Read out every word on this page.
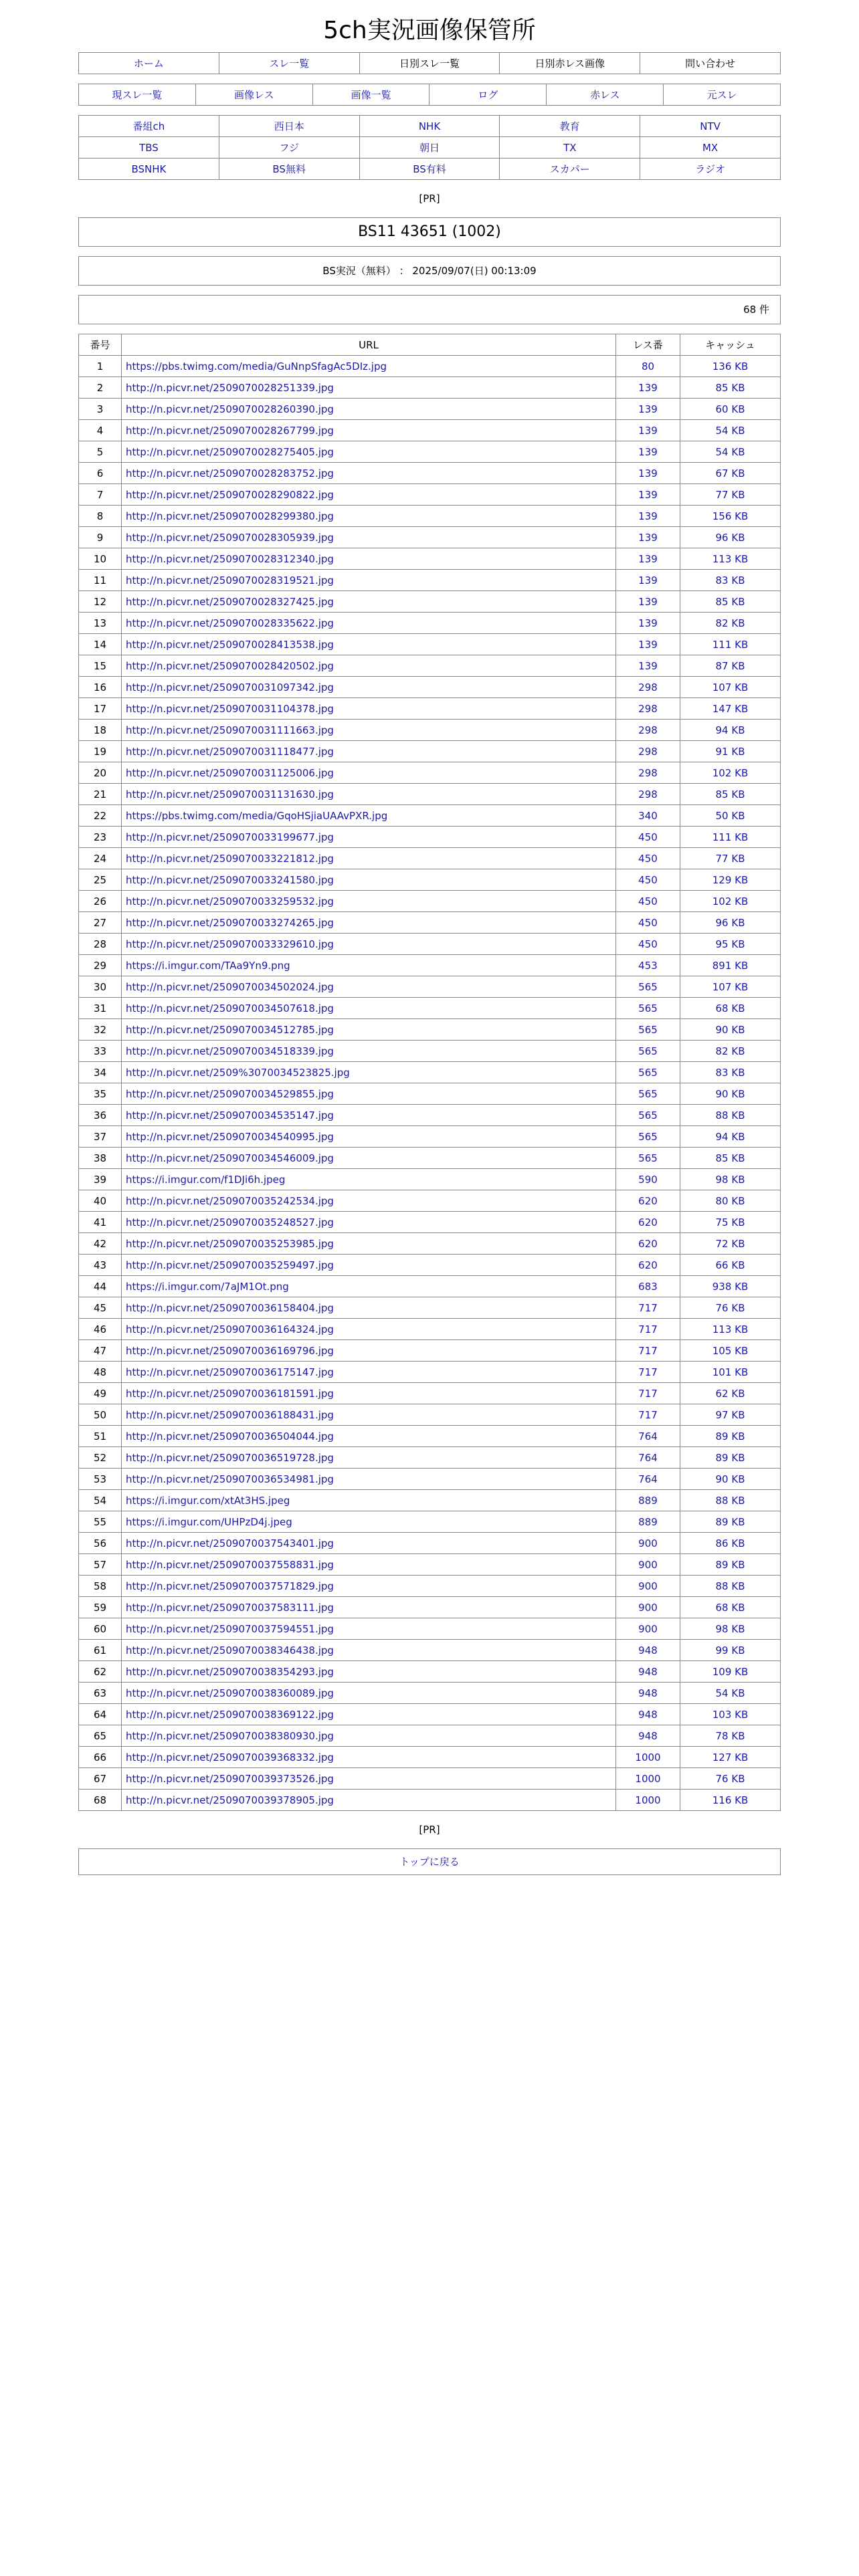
5ch実況画像保管所
ホーム	スレ一覧	日別スレ一覧	日別赤レス画像	問い合わせ
現スレ一覧	画像レス	画像一覧	ログ	赤レス	元スレ
番組ch	西日本	NHK	教育	NTV
TBS	フジ	朝日	TX	MX
BSNHK	BS無料	BS有料	スカパー	ラジオ
[PR]
BS11 43651 (1002)
BS実況（無料） ： 2025/09/07(日) 00:13:09
68 件
番号	URL	レス番	キャッシュ
1	https://pbs.twimg.com/media/GuNnpSfagAc5DIz.jpg	80	136 KB
2	http://n.picvr.net/2509070028251339.jpg	139	85 KB
3	http://n.picvr.net/2509070028260390.jpg	139	60 KB
4	http://n.picvr.net/2509070028267799.jpg	139	54 KB
5	http://n.picvr.net/2509070028275405.jpg	139	54 KB
6	http://n.picvr.net/2509070028283752.jpg	139	67 KB
7	http://n.picvr.net/2509070028290822.jpg	139	77 KB
8	http://n.picvr.net/2509070028299380.jpg	139	156 KB
9	http://n.picvr.net/2509070028305939.jpg	139	96 KB
10	http://n.picvr.net/2509070028312340.jpg	139	113 KB
11	http://n.picvr.net/2509070028319521.jpg	139	83 KB
12	http://n.picvr.net/2509070028327425.jpg	139	85 KB
13	http://n.picvr.net/2509070028335622.jpg	139	82 KB
14	http://n.picvr.net/2509070028413538.jpg	139	111 KB
15	http://n.picvr.net/2509070028420502.jpg	139	87 KB
16	http://n.picvr.net/2509070031097342.jpg	298	107 KB
17	http://n.picvr.net/2509070031104378.jpg	298	147 KB
18	http://n.picvr.net/2509070031111663.jpg	298	94 KB
19	http://n.picvr.net/2509070031118477.jpg	298	91 KB
20	http://n.picvr.net/2509070031125006.jpg	298	102 KB
21	http://n.picvr.net/2509070031131630.jpg	298	85 KB
22	https://pbs.twimg.com/media/GqoHSjiaUAAvPXR.jpg	340	50 KB
23	http://n.picvr.net/2509070033199677.jpg	450	111 KB
24	http://n.picvr.net/2509070033221812.jpg	450	77 KB
25	http://n.picvr.net/2509070033241580.jpg	450	129 KB
26	http://n.picvr.net/2509070033259532.jpg	450	102 KB
27	http://n.picvr.net/2509070033274265.jpg	450	96 KB
28	http://n.picvr.net/2509070033329610.jpg	450	95 KB
29	https://i.imgur.com/TAa9Yn9.png	453	891 KB
30	http://n.picvr.net/2509070034502024.jpg	565	107 KB
31	http://n.picvr.net/2509070034507618.jpg	565	68 KB
32	http://n.picvr.net/2509070034512785.jpg	565	90 KB
33	http://n.picvr.net/2509070034518339.jpg	565	82 KB
34	http://n.picvr.net/2509%3070034523825.jpg	565	83 KB
35	http://n.picvr.net/2509070034529855.jpg	565	90 KB
36	http://n.picvr.net/2509070034535147.jpg	565	88 KB
37	http://n.picvr.net/2509070034540995.jpg	565	94 KB
38	http://n.picvr.net/2509070034546009.jpg	565	85 KB
39	https://i.imgur.com/f1DJi6h.jpeg	590	98 KB
40	http://n.picvr.net/2509070035242534.jpg	620	80 KB
41	http://n.picvr.net/2509070035248527.jpg	620	75 KB
42	http://n.picvr.net/2509070035253985.jpg	620	72 KB
43	http://n.picvr.net/2509070035259497.jpg	620	66 KB
44	https://i.imgur.com/7aJM1Ot.png	683	938 KB
45	http://n.picvr.net/2509070036158404.jpg	717	76 KB
46	http://n.picvr.net/2509070036164324.jpg	717	113 KB
47	http://n.picvr.net/2509070036169796.jpg	717	105 KB
48	http://n.picvr.net/2509070036175147.jpg	717	101 KB
49	http://n.picvr.net/2509070036181591.jpg	717	62 KB
50	http://n.picvr.net/2509070036188431.jpg	717	97 KB
51	http://n.picvr.net/2509070036504044.jpg	764	89 KB
52	http://n.picvr.net/2509070036519728.jpg	764	89 KB
53	http://n.picvr.net/2509070036534981.jpg	764	90 KB
54	https://i.imgur.com/xtAt3HS.jpeg	889	88 KB
55	https://i.imgur.com/UHPzD4j.jpeg	889	89 KB
56	http://n.picvr.net/2509070037543401.jpg	900	86 KB
57	http://n.picvr.net/2509070037558831.jpg	900	89 KB
58	http://n.picvr.net/2509070037571829.jpg	900	88 KB
59	http://n.picvr.net/2509070037583111.jpg	900	68 KB
60	http://n.picvr.net/2509070037594551.jpg	900	98 KB
61	http://n.picvr.net/2509070038346438.jpg	948	99 KB
62	http://n.picvr.net/2509070038354293.jpg	948	109 KB
63	http://n.picvr.net/2509070038360089.jpg	948	54 KB
64	http://n.picvr.net/2509070038369122.jpg	948	103 KB
65	http://n.picvr.net/2509070038380930.jpg	948	78 KB
66	http://n.picvr.net/2509070039368332.jpg	1000	127 KB
67	http://n.picvr.net/2509070039373526.jpg	1000	76 KB
68	http://n.picvr.net/2509070039378905.jpg	1000	116 KB
[PR]
トップに戻る
